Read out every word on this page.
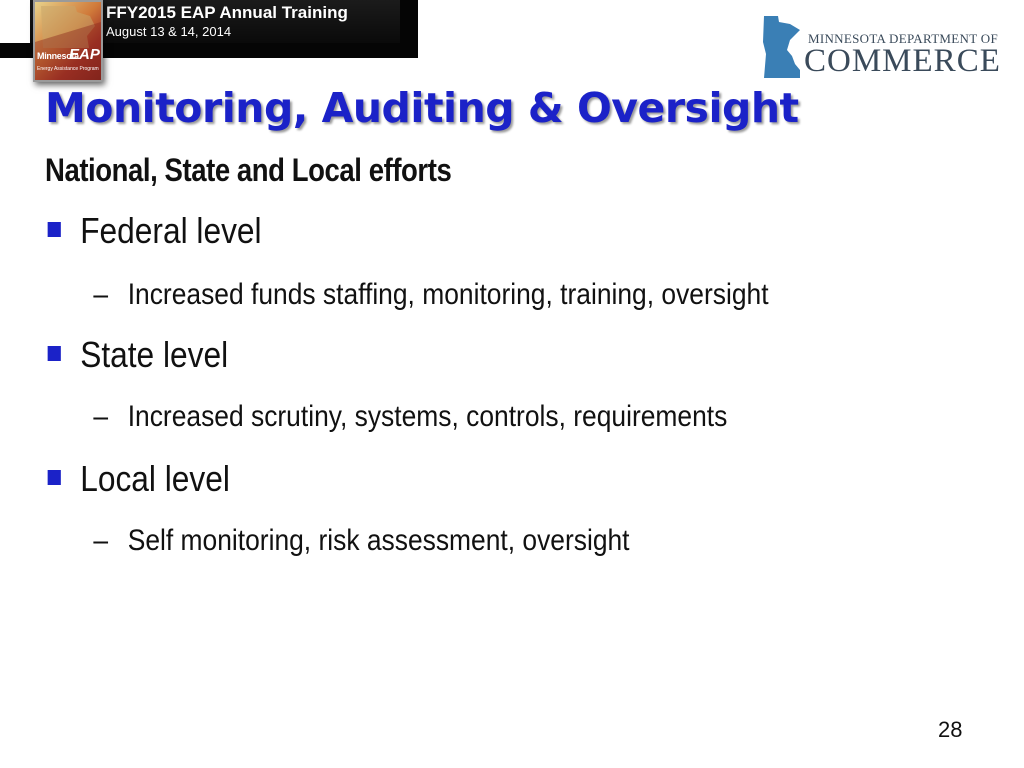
FFY2015 EAP Annual Training
August 13 & 14, 2014
Minnesota
EAP
Energy Assistance Program
MINNESOTA DEPARTMENT OF
COMMERCE
Monitoring, Auditing & Oversight
National, State and Local efforts
Federal level
– Increased funds staffing, monitoring, training, oversight
State level
– Increased scrutiny, systems, controls, requirements
Local level
– Self monitoring, risk assessment, oversight
28
